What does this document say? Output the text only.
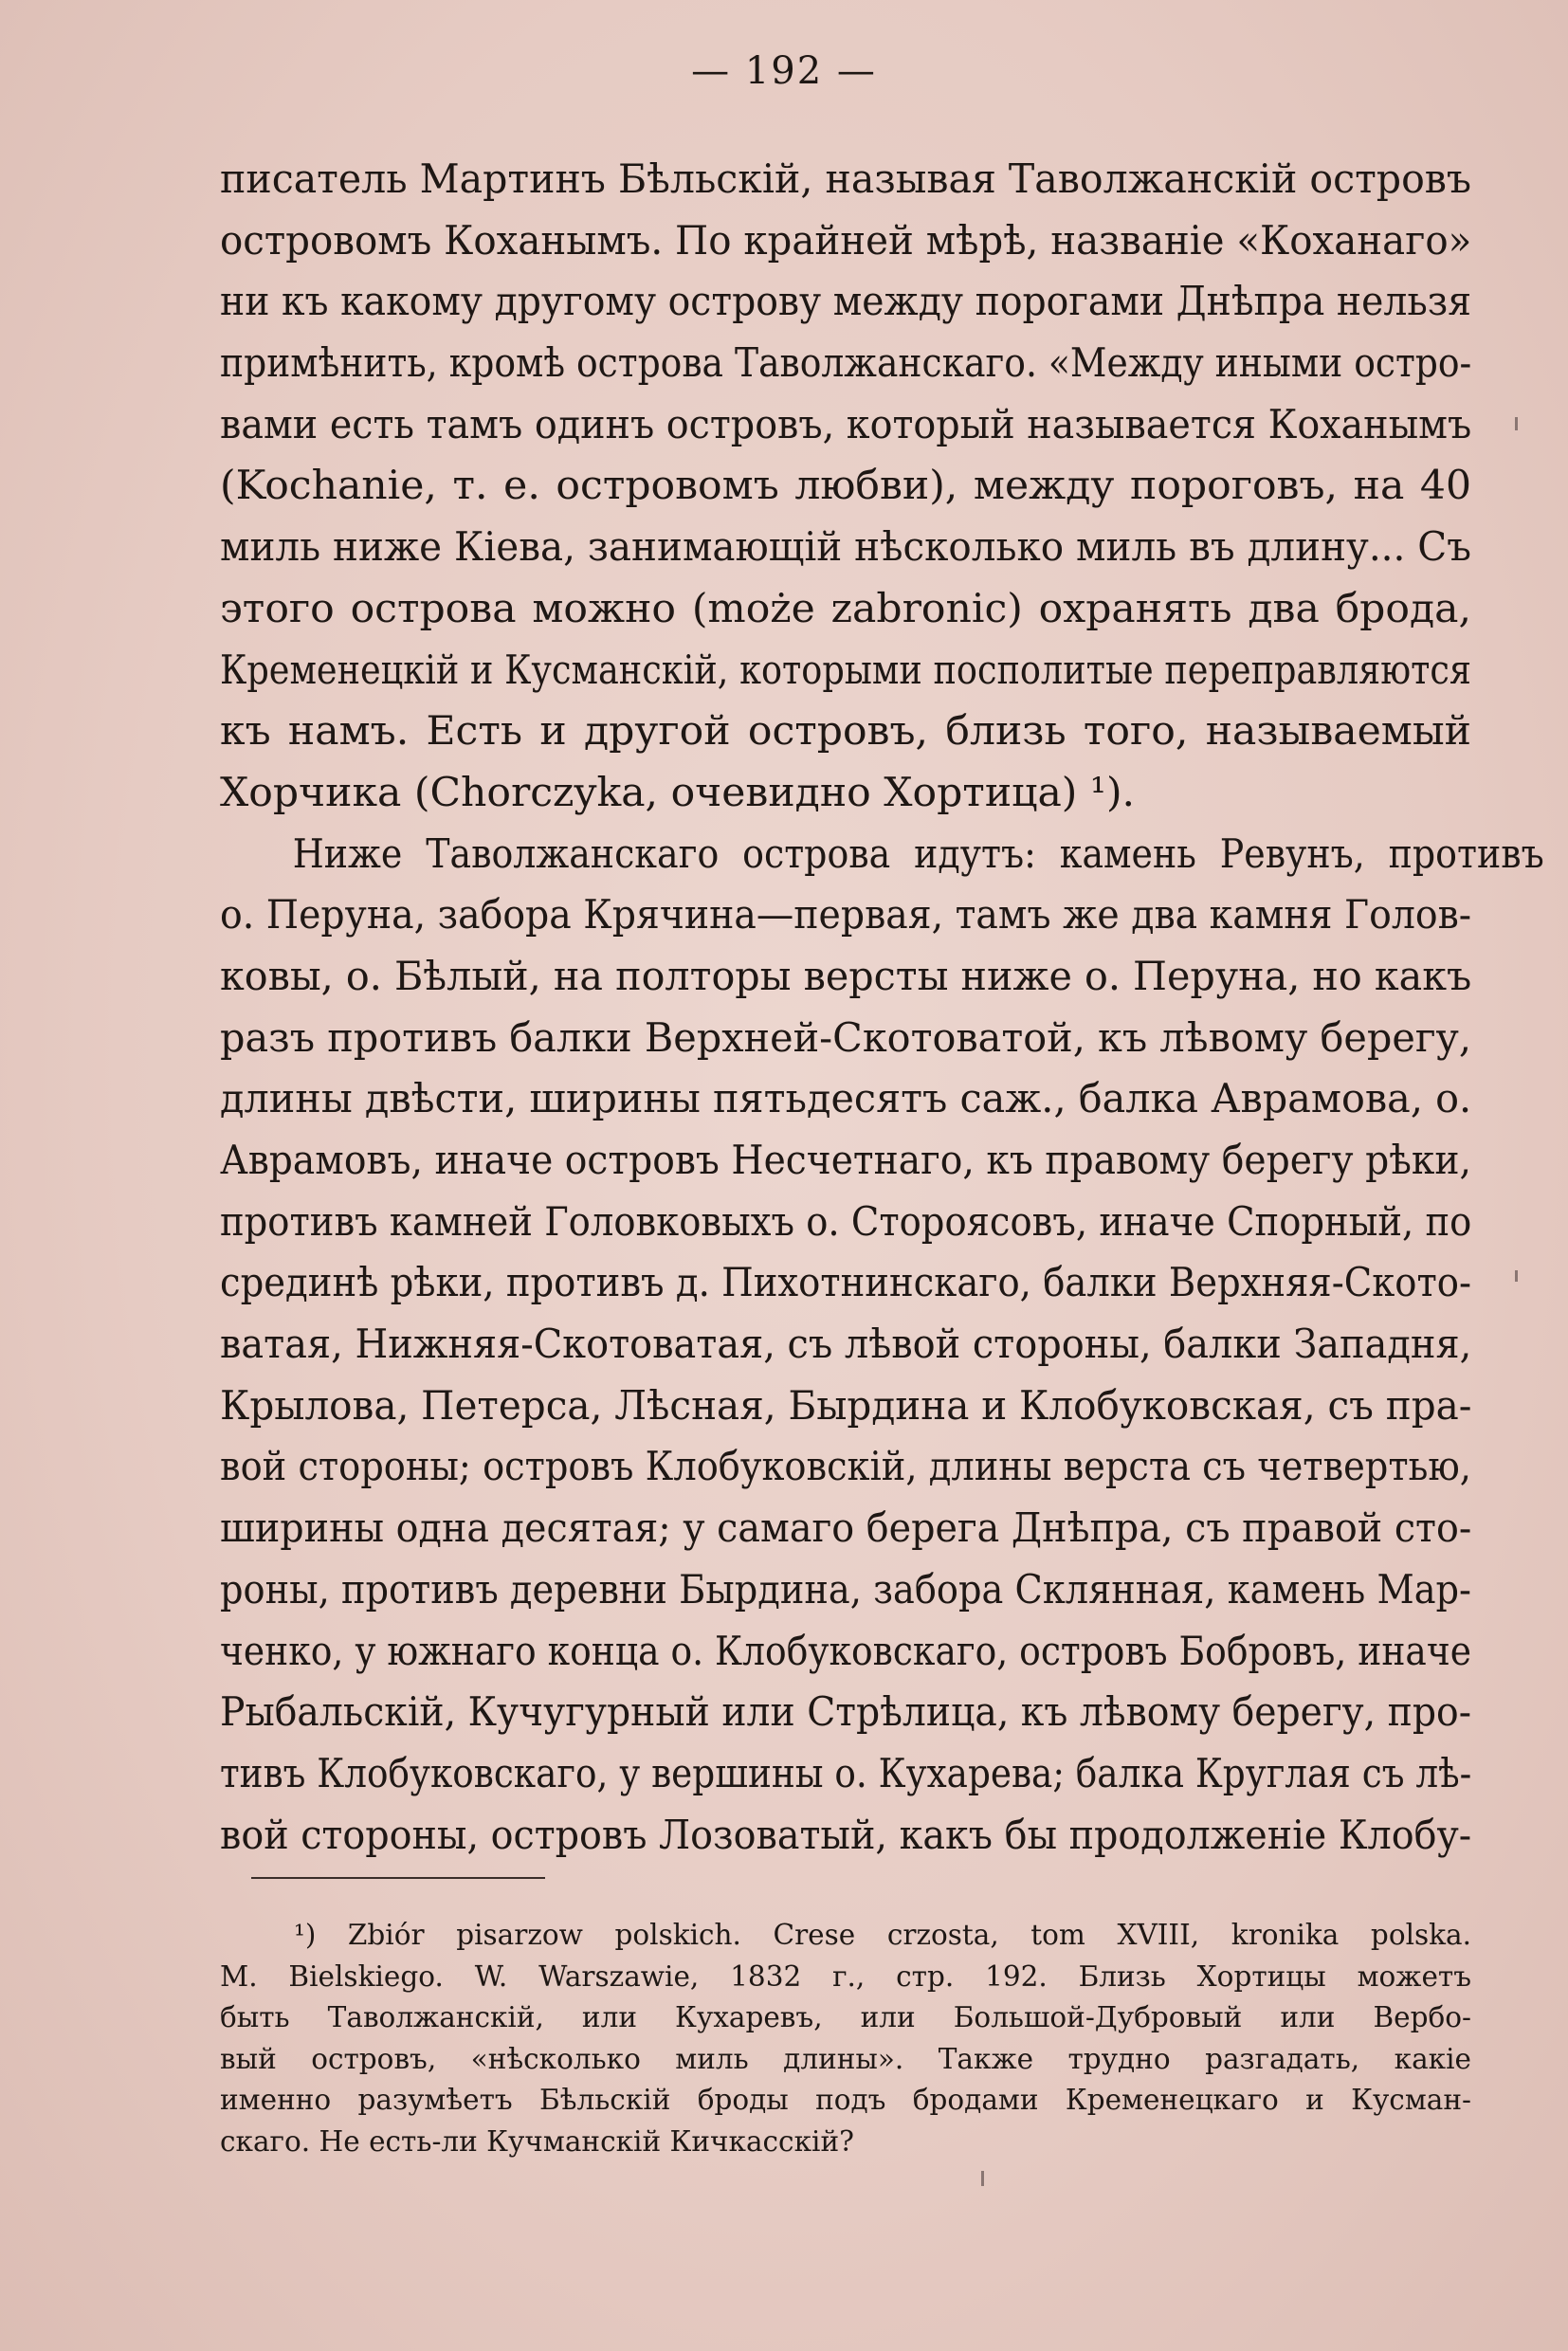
— 192 —
писатель Мартинъ Бѣльскій, называя Таволжанскій островъ
островомъ Коханымъ. По крайней мѣрѣ, названіе «Коханаго»
ни къ какому другому острову между порогами Днѣпра нельзя
примѣнить, кромѣ острова Таволжанскаго. «Между иными остро-
вами есть тамъ одинъ островъ, который называется Коханымъ
(Kochanie, т. е. островомъ любви), между пороговъ, на 40
миль ниже Кіева, занимающій нѣсколько миль въ длину... Съ
этого острова можно (może zabronic) охранять два брода,
Кременецкій и Кусманскій, которыми посполитые переправляются
къ намъ. Есть и другой островъ, близь того, называемый
Хорчика (Chorczyka, очевидно Хортица) ¹).
Ниже Таволжанскаго острова идутъ: камень Ревунъ, противъ
о. Перуна, забора Крячина—первая, тамъ же два камня Голов-
ковы, о. Бѣлый, на полторы версты ниже о. Перуна, но какъ
разъ противъ балки Верхней-Скотоватой, къ лѣвому берегу,
длины двѣсти, ширины пятьдесятъ саж., балка Аврамова, о.
Аврамовъ, иначе островъ Несчетнаго, къ правому берегу рѣки,
противъ камней Головковыхъ о. Стороясовъ, иначе Спорный, по
срединѣ рѣки, противъ д. Пихотнинскаго, балки Верхняя-Ското-
ватая, Нижняя-Скотоватая, съ лѣвой стороны, балки Западня,
Крылова, Петерса, Лѣсная, Бырдина и Клобуковская, съ пра-
вой стороны; островъ Клобуковскій, длины верста съ четвертью,
ширины одна десятая; у самаго берега Днѣпра, съ правой сто-
роны, противъ деревни Бырдина, забора Склянная, камень Мар-
ченко, у южнаго конца о. Клобуковскаго, островъ Бобровъ, иначе
Рыбальскій, Кучугурный или Стрѣлица, къ лѣвому берегу, про-
тивъ Клобуковскаго, у вершины о. Кухарева; балка Круглая съ лѣ-
вой стороны, островъ Лозоватый, какъ бы продолженіе Клобу-
¹) Zbiór pisarzow polskich. Crese crzosta, tom XVIII, kronika polska.
M. Bielskiego. W. Warszawie, 1832 г., стр. 192. Близь Хортицы можетъ
быть Таволжанскій, или Кухаревъ, или Большой-Дубровый или Вербо-
вый островъ, «нѣсколько миль длины». Также трудно разгадать, какіе
именно разумѣетъ Бѣльскій броды подъ бродами Кременецкаго и Кусман-
скаго. Не есть-ли Кучманскій Кичкасскій?
